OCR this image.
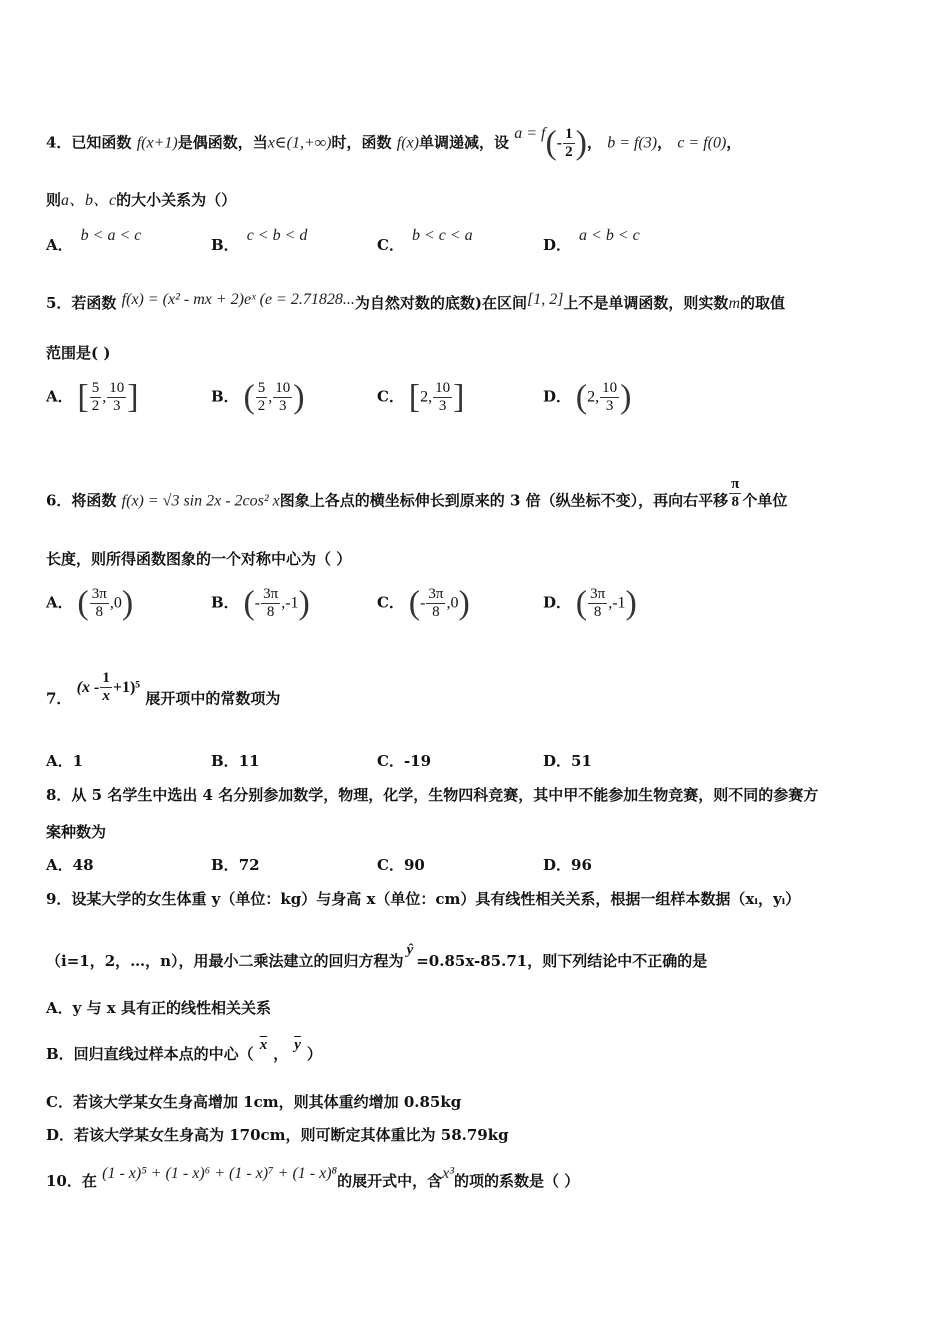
4．已知函数 f(x+1)是偶函数，当x∈(1,+∞)时，函数 f(x)单调递减，设 $a = f(- \frac{1}{2}$ )， b = f(3)， c = f(0)，
则a、b、c的大小关系为（）
A．b < a < c
B．c < b < d
C．b < c < a
D．a < b < c
5．若函数 f(x) = (x² - mx + 2)eˣ (e = 2.71828...为自然对数的底数)在区间[1, 2]上不是单调函数，则实数m的取值
范围是( )
A． [ $\frac{5}{2}$ , $\frac{10}{3}$ ]	B． ( $\frac{5}{2}$ , $\frac{10}{3}$ )	C． [2, $\frac{10}{3}$ ]	D． (2, $\frac{10}{3}$ )
6．将函数 f(x) = √3 sin 2x - 2cos² x图象上各点的横坐标伸长到原来的 3 倍（纵坐标不变），再向右平移 $\frac{\pi}{8}$ 个单位
长度，则所得函数图象的一个对称中心为（ ）
A． ( $\frac{3\pi}{8} ,0$)	B． (- $\frac{3\pi}{8} ,-1$)	C． (- $\frac{3\pi}{8} ,0$)	D． ( $\frac{3\pi}{8} ,-1$)
7． $(x - \frac{1}{x} +1)^5$ 展开项中的常数项为
A．1	B．11	C．-19	D．51
8．从 5 名学生中选出 4 名分别参加数学，物理，化学，生物四科竞赛，其中甲不能参加生物竞赛，则不同的参赛方
案种数为
A．48	B．72	C．90	D．96
9．设某大学的女生体重 y（单位：kg）与身高 x（单位：cm）具有线性相关关系，根据一组样本数据（xᵢ，yᵢ）
（i=1，2，…，n），用最小二乘法建立的回归方程为ŷ=0.85x-85.71，则下列结论中不正确的是
A．y 与 x 具有正的线性相关关系
B．回归直线过样本点的中心（ $\overline{x}$ ， $\overline{y}$ ）
C．若该大学某女生身高增加 1cm，则其体重约增加 0.85kg
D．若该大学某女生身高为 170cm，则可断定其体重比为 58.79kg
10．在 (1 - x)⁵ + (1 - x)⁶ + (1 - x)⁷ + (1 - x)⁸的展开式中，含x³的项的系数是（ ）
